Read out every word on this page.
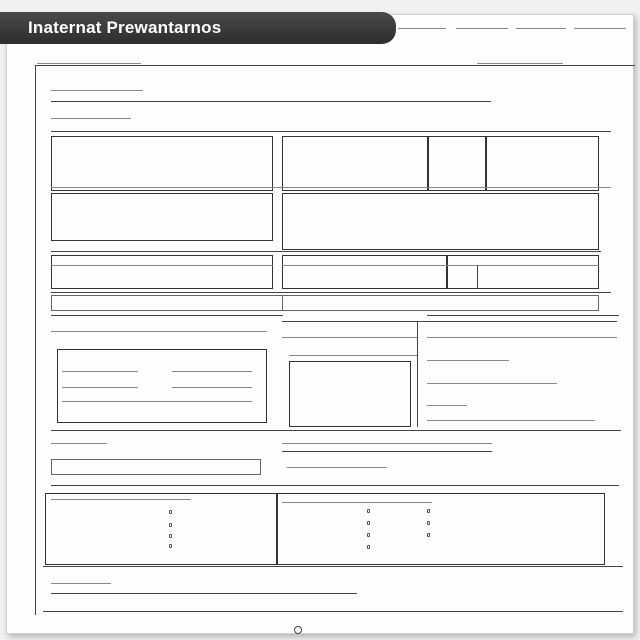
Inaternat Prewantarnos
